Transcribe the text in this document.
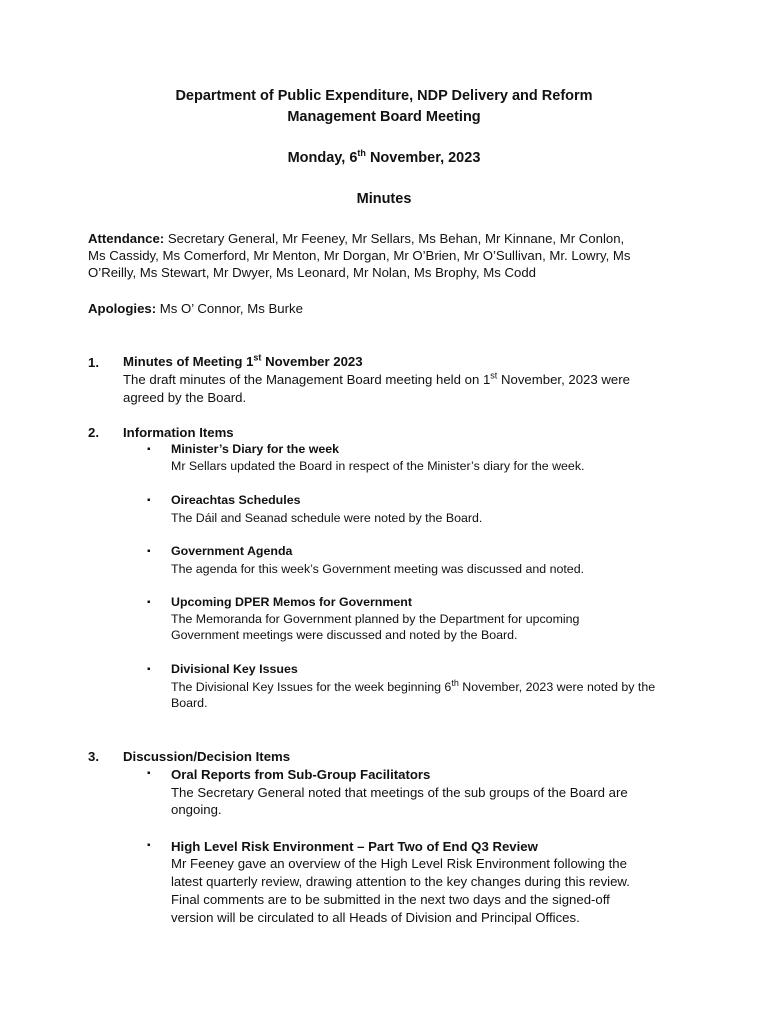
Department of Public Expenditure, NDP Delivery and Reform
Management Board Meeting
Monday, 6th November, 2023
Minutes
Attendance: Secretary General, Mr Feeney, Mr Sellars, Ms Behan, Mr Kinnane, Mr Conlon,
Ms Cassidy, Ms Comerford, Mr Menton, Mr Dorgan, Mr O’Brien, Mr O’Sullivan, Mr. Lowry, Ms
O’Reilly, Ms Stewart, Mr Dwyer, Ms Leonard, Mr Nolan, Ms Brophy, Ms Codd
Apologies: Ms O’ Connor, Ms Burke
1. Minutes of Meeting 1st November 2023
The draft minutes of the Management Board meeting held on 1st November, 2023 were
agreed by the Board.
2. Information Items
▪ Minister’s Diary for the week
Mr Sellars updated the Board in respect of the Minister’s diary for the week.
▪ Oireachtas Schedules
The Dáil and Seanad schedule were noted by the Board.
▪ Government Agenda
The agenda for this week’s Government meeting was discussed and noted.
▪ Upcoming DPER Memos for Government
The Memoranda for Government planned by the Department for upcoming
Government meetings were discussed and noted by the Board.
▪ Divisional Key Issues
The Divisional Key Issues for the week beginning 6th November, 2023 were noted by the
Board.
3. Discussion/Decision Items
▪ Oral Reports from Sub-Group Facilitators
The Secretary General noted that meetings of the sub groups of the Board are
ongoing.
▪ High Level Risk Environment – Part Two of End Q3 Review
Mr Feeney gave an overview of the High Level Risk Environment following the
latest quarterly review, drawing attention to the key changes during this review.
Final comments are to be submitted in the next two days and the signed-off
version will be circulated to all Heads of Division and Principal Offices.
